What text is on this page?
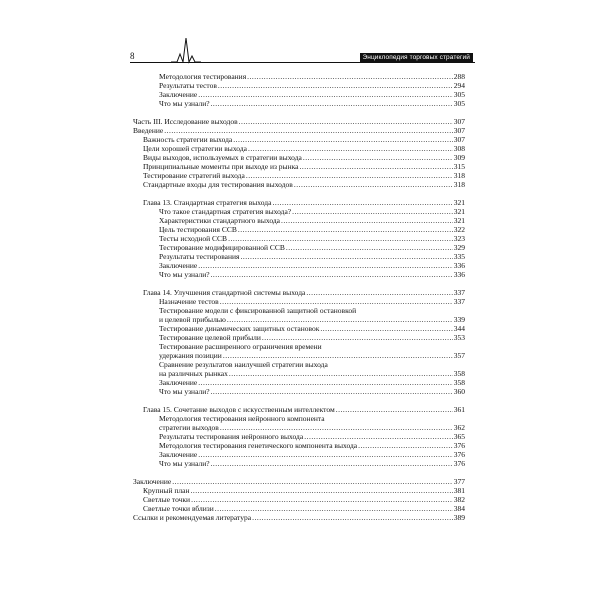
8	Энциклопедия торговых стратегий
Методология тестирования .....	288
Результаты тестов .....	294
Заключение .....	305
Что мы узнали? .....	305
Часть III. Исследование выходов .....	307
Введение .....	307
Важность стратегии выхода .....	307
Цели хорошей стратегии выхода .....	308
Виды выходов, используемых в стратегии выхода .....	309
Принципиальные моменты при выходе из рынка .....	315
Тестирование стратегий выхода .....	318
Стандартные входы для тестирования выходов .....	318
Глава 13. Стандартная стратегия выхода .....	321
Что такое стандартная стратегия выхода? .....	321
Характеристики стандартного выхода .....	321
Цель тестирования ССВ .....	322
Тесты исходной ССВ .....	323
Тестирование модифицированной ССВ .....	329
Результаты тестирования .....	335
Заключение .....	336
Что мы узнали? .....	336
Глава 14. Улучшения стандартной системы выхода .....	337
Назначение тестов .....	337
Тестирование модели с фиксированной защитной остановкой
и целевой прибылью .....	339
Тестирование динамических защитных остановок .....	344
Тестирование целевой прибыли .....	353
Тестирование расширенного ограничения времени
удержания позиции .....	357
Сравнение результатов наилучшей стратегии выхода
на различных рынках .....	358
Заключение .....	358
Что мы узнали? .....	360
Глава 15. Сочетание выходов с искусственным интеллектом .....	361
Методология тестирования нейронного компонента
стратегии выходов .....	362
Результаты тестирования нейронного выхода .....	365
Методология тестирования генетического компонента выхода .....	376
Заключение .....	376
Что мы узнали? .....	376
Заключение .....	377
Крупный план .....	381
Светлые точки .....	382
Светлые точки вблизи .....	384
Ссылки и рекомендуемая литература .....	389
